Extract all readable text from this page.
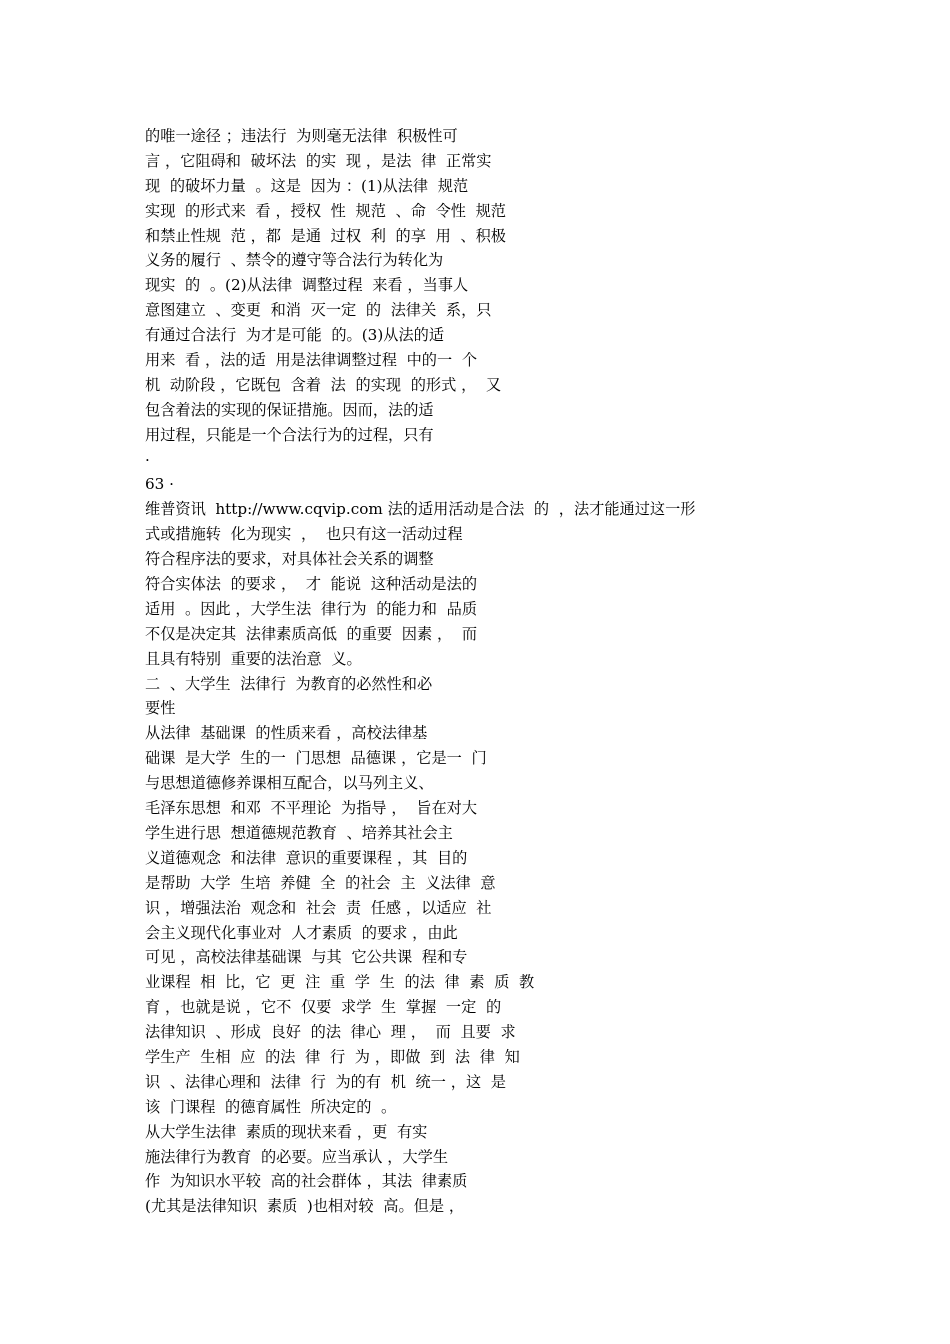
的唯一途径 ；违法行  为则毫无法律  积极性可
言 ，它阻碍和  破坏法  的实  现 ，是法  律  正常实
现  的破坏力量  。这是  因为 ：(1)从法律  规范
实现  的形式来  看 ，授权  性  规范  、命  令性  规范
和禁止性规  范 ，都  是通  过权  利  的享  用  、积极
义务的履行  、禁令的遵守等合法行为转化为
现实  的  。(2)从法律  调整过程  来看 ，当事人
意图建立  、变更  和消  灭一定  的  法律关  系，只
有通过合法行  为才是可能  的。(3)从法的适
用来  看 ，法的适  用是法律调整过程  中的一  个
机  动阶段 ，它既包  含着  法  的实现  的形式 ，  又
包含着法的实现的保证措施。因而，法的适
用过程，只能是一个合法行为的过程，只有
·
63 ·
维普资讯  http://www.cqvip.com 法的适用活动是合法  的  ，法才能通过这一形
式或措施转  化为现实  ，  也只有这一活动过程
符合程序法的要求，对具体社会关系的调整
符合实体法  的要求 ，  才  能说  这种活动是法的
适用  。因此 ，大学生法  律行为  的能力和  品质
不仅是决定其  法律素质高低  的重要  因素 ，  而
且具有特别  重要的法治意  义。
二  、大学生  法律行  为教育的必然性和必
要性
从法律  基础课  的性质来看 ，高校法律基
础课  是大学  生的一  门思想  品德课 ，它是一  门
与思想道德修养课相互配合，以马列主义、
毛泽东思想  和邓  不平理论  为指导 ，  旨在对大
学生进行思  想道德规范教育  、培养其社会主
义道德观念  和法律  意识的重要课程 ，其  目的
是帮助  大学  生培  养健  全  的社会  主  义法律  意
识 ，增强法治  观念和  社会  责  任感 ，以适应  社
会主义现代化事业对  人才素质  的要求 ，由此
可见 ，高校法律基础课  与其  它公共课  程和专
业课程  相  比，它  更  注  重  学  生  的法  律  素  质  教
育 ，也就是说 ，它不  仅要  求学  生  掌握  一定  的
法律知识  、形成  良好  的法  律心  理 ，  而  且要  求
学生产  生相  应  的法  律  行  为 ，即做  到  法  律  知
识  、法律心理和  法律  行  为的有  机  统一 ，这  是
该  门课程  的德育属性  所决定的  。
从大学生法律  素质的现状来看 ，更  有实
施法律行为教育  的必要。应当承认 ，大学生
作  为知识水平较  高的社会群体 ，其法  律素质
(尤其是法律知识  素质  )也相对较  高。但是 ，
